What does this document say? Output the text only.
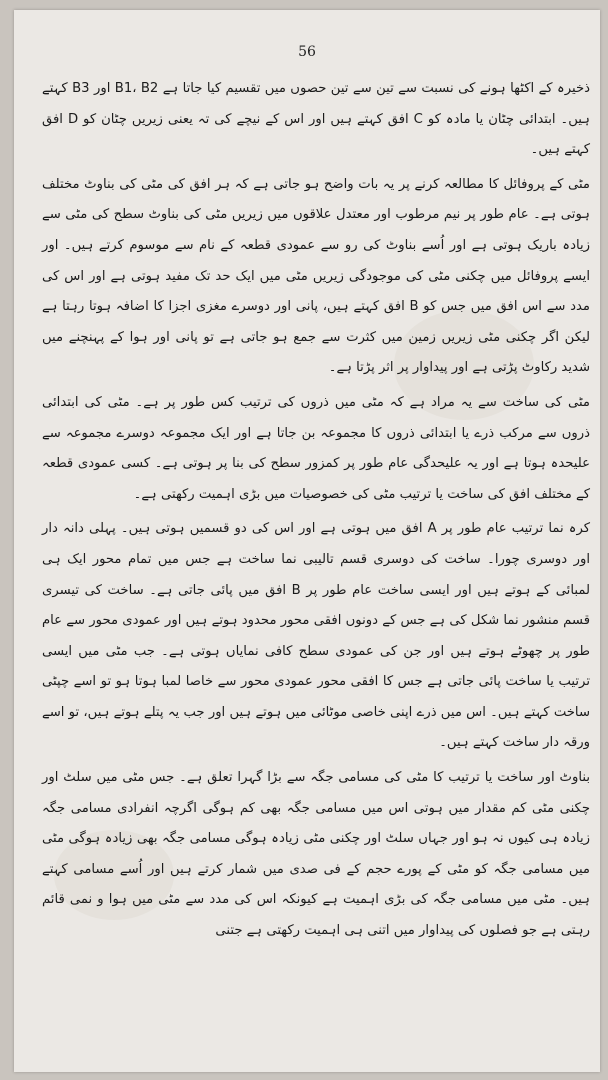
56

ذخیرہ کے اکٹھا ہونے کی نسبت سے تین سے تین حصوں میں تقسیم کیا جاتا ہے B1، B2 اور B3 کہتے ہیں۔ ابتدائی چٹان یا مادہ کو C افق کہتے ہیں اور اس کے نیچے کی تہ یعنی زیریں چٹان کو D افق کہتے ہیں۔

مٹی کے پروفائل کا مطالعہ کرنے پر یہ بات واضح ہو جاتی ہے کہ ہر افق کی مٹی کی بناوٹ مختلف ہوتی ہے۔ عام طور پر نیم مرطوب اور معتدل علاقوں میں زیریں مٹی کی بناوٹ سطح کی مٹی سے زیادہ باریک ہوتی ہے اور اُسے بناوٹ کی رو سے عمودی قطعہ کے نام سے موسوم کرتے ہیں۔ اور ایسے پروفائل میں چکنی مٹی کی موجودگی زیریں مٹی میں ایک حد تک مفید ہوتی ہے اور اس کی مدد سے اس افق میں جس کو B افق کہتے ہیں، پانی اور دوسرے مغزی اجزا کا اضافہ ہوتا رہتا ہے لیکن اگر چکنی مٹی زیریں زمین میں کثرت سے جمع ہو جاتی ہے تو پانی اور ہوا کے پہنچنے میں شدید رکاوٹ پڑتی ہے اور پیداوار پر اثر پڑتا ہے۔

مٹی کی ساخت سے یہ مراد ہے کہ مٹی میں ذروں کی ترتیب کس طور پر ہے۔ مٹی کی ابتدائی ذروں سے مرکب ذرے یا ابتدائی ذروں کا مجموعہ بن جاتا ہے اور ایک مجموعہ دوسرے مجموعہ سے علیحدہ ہوتا ہے اور یہ علیحدگی عام طور پر کمزور سطح کی بنا پر ہوتی ہے۔ کسی عمودی قطعہ کے مختلف افق کی ساخت یا ترتیب مٹی کی خصوصیات میں بڑی اہمیت رکھتی ہے۔

کرہ نما ترتیب عام طور پر A افق میں ہوتی ہے اور اس کی دو قسمیں ہوتی ہیں۔ پہلی دانہ دار اور دوسری چورا۔ ساخت کی دوسری قسم تالیبی نما ساخت ہے جس میں تمام محور ایک ہی لمبائی کے ہوتے ہیں اور ایسی ساخت عام طور پر B افق میں پائی جاتی ہے۔ ساخت کی تیسری قسم منشور نما شکل کی ہے جس کے دونوں افقی محور محدود ہوتے ہیں اور عمودی محور سے عام طور پر چھوٹے ہوتے ہیں اور جن کی عمودی سطح کافی نمایاں ہوتی ہے۔ جب مٹی میں ایسی ترتیب یا ساخت پائی جاتی ہے جس کا افقی محور عمودی محور سے خاصا لمبا ہوتا ہو تو اسے چپٹی ساخت کہتے ہیں۔ اس میں ذرے اپنی خاصی موٹائی میں ہوتے ہیں اور جب یہ پتلے ہوتے ہیں، تو اسے ورقہ دار ساخت کہتے ہیں۔

بناوٹ اور ساخت یا ترتیب کا مٹی کی مسامی جگہ سے بڑا گہرا تعلق ہے۔ جس مٹی میں سلٹ اور چکنی مٹی کم مقدار میں ہوتی اس میں مسامی جگہ بھی کم ہوگی اگرچہ انفرادی مسامی جگہ زیادہ ہی کیوں نہ ہو اور جہاں سلٹ اور چکنی مٹی زیادہ ہوگی مسامی جگہ بھی زیادہ ہوگی مٹی میں مسامی جگہ کو مٹی کے پورے حجم کے فی صدی میں شمار کرتے ہیں اور اُسے مسامی کہتے ہیں۔ مٹی میں مسامی جگہ کی بڑی اہمیت ہے کیونکہ اس کی مدد سے مٹی میں ہوا و نمی قائم رہتی ہے جو فصلوں کی پیداوار میں اتنی ہی اہمیت رکھتی ہے جتنی
